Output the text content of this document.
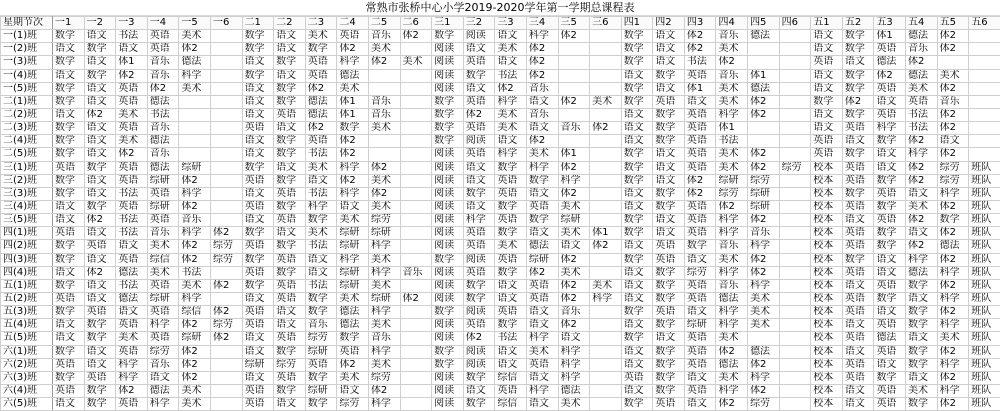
常熟市张桥中心小学2019-2020学年第一学期总课程表
星期节次	一1	一2	一3	一4	一5	一6	二1	二2	二3	二4	二5	二6	三1	三2	三3	三4	三5	三6	四1	四2	四3	四4	四5	四6	五1	五2	五3	五4	五5	五6
一(1)班	数学	语文	书法	英语	美术		数学	语文	美术	英语	音乐	体2	数学	阅读	语文	科学	体2		数学	语文	体2	音乐	德法		语文	数学	体1	德法	体2	
一(2)班	语文	数学	语文	英语	体2		数学	语文	数学	体2	美术		阅读	语文	美术	体2			数学	语文	体2	美术			语文	数学	英语	音乐	体2	
一(3)班	数学	语文	体1	音乐	德法		语文	数学	英语	科学	体2	美术	阅读	英语	语文	体2			数学	语文	书法	体2			英语	语文	德法	体2		
一(4)班	语文	数学	体2	音乐	科学		数学	语文	英语	德法			阅读	数学	书法	体2			语文	数学	英语	音乐	体1		语文	数学	体2	德法	美术	
一(5)班	数学	语文	英语	体2	美术		语文	数学	体2	美术			阅读	语文	体2	音乐			数学	语文	体1	美术	德法		语文	数学	英语	美术	体2	
二(1)班	数学	语文	英语	德法			语文	数学	德法	体1	音乐		数学	英语	科学	语文	体2	美术	数学	英语	语文	美术	体2		数学	体2	语文	英语	音乐	
二(2)班	语文	体2	美术	书法			语文	英语	德法	体1	音乐		数学	体2	美术	音乐			语文	数学	英语	科学	体2		语文	数学	英语	书法	体2	
二(3)班	数学	语文	英语	音乐			英语	语文	体2	数学	美术		数学	英语	美术	语文	音乐	体2	语文	数学	英语	体1			语文	英语	科学	书法	体2	
二(4)班	数学	语文	美术	德法			语文	数学	英语	体2			数学	阅读	语文	体2			语文	数学	英语	书法			英语	语文	数学	体2	语文	
二(5)班	数学	语文	体2	音乐			语文	数学	书法	体2			阅读	英语	科学	美术	体1		数学	语文	英语	美术	体2		英语	数学	语文	科学	体2	
三(1)班	英语	数学	英语	德法	综研		数学	语文	美术	科学	体2		阅读	语文	数学	科学	体2		数学	语文	英语	美术	体2	综劳	校本	英语	语文	体2	综劳	班队
三(2)班	数学	语文	英语	综研	体2		英语	数学	语文	体2	美术		阅读	语文	英语	数学	科学		数学	语文	体2	综研	综劳		校本	英语	数学	体2	综劳	班队
三(3)班	数学	语文	书法	英语	科学		语文	英语	书法	科学	体2		阅读	数学	英语	语文	体2		语文	数学	体2	综劳	综研		校本	数学	英语	语文	科学	班队
三(4)班	语文	数学	英语	综研	体2		英语	数学	科学	语文	美术		阅读	语文	数学	英语	美术		语文	数学	英语	体2	综研		校本	英语	数学	美术	体2	班队
三(5)班	语文	体2	书法	英语	音乐		语文	英语	数学	美术	综劳		阅读	科学	英语	数学	综研		数学	语文	英语	科学	体2		校本	语文	英语	体2	数学	班队
四(1)班	英语	语文	书法	音乐	科学	体2	数学	语文	美术	综研	综研		阅读	英语	数学	语文	美术	体1	数学	语文	英语	科学	音乐		校本	英语	数学	语文	体2	班队
四(2)班	数学	英语	语文	美术	体2	综劳	英语	数学	书法	综研	科学		阅读	英语	美术	德法	语文	体2	语文	英语	数学	音乐	科学		校本	英语	数学	体2	德法	班队
四(3)班	数学	语文	英语	综信	体2	综劳	数学	英语	语文	科学	美术		数学	阅读	英语	综研	体2		数学	英语	语文	美术	体2		校本	数学	语文	科学	体2	班队
四(4)班	语文	体2	德法	美术	书法		英语	数学	语文	综研	科学	音乐	阅读	英语	数学	体2	美术		语文	数学	综劳	科学	体2		校本	英语	语文	德法	科学	班队
五(1)班	数学	语文	书法	英语	美术	体2	数学	英语	书法	综研	美术		阅读	数学	语文	英语	体2	美术	语文	数学	英语	音乐	科学		校本	语文	英语	数学	体2	班队
五(2)班	英语	语文	德法	综研	科学		语文	英语	数学	美术	综研	体2	阅读	数学	语文	英语	体2	科学	语文	数学	英语	德法	美术		校本	英语	数学	语文	科学	班队
五(3)班	数学	英语	语文	英语	综信	体2	英语	语文	数学	德法	科学		数学	阅读	英语	语文	音乐		数学	英语	语文	科学	美术		校本	英语	语文	数学	体2	班队
五(4)班	语文	数学	英语	科学	体2	综劳	英语	语文	音乐	德法	美术		阅读	英语	数学	语文	体2		语文	数学	综研	科学	美术		校本	语文	英语	数学	科学	班队
五(5)班	语文	数学	美术	英语	综研	体2	语文	英语	综劳	数学	音乐		阅读	体2	书法	科学	语文		数学	语文	英语	美术			校本	英语	德法	语文	美术	班队
六(1)班	数学	语文	英语	综劳	体2		语文	数学	综研	英语	科学		数学	阅读	语文	美术	科学		语文	数学	英语	体2	德法		校本	语文	英语	数学	体2	班队
六(2)班	英语	语文	科学	音乐	体2		综研	综劳	英语	体2	美术		数学	阅读	语文	英语	科学		语文	数学	英语	德法	体2		校本	英语	语文	数学	科学	班队
六(3)班	数学	英语	科学	语文	体2		语文	英语	数学	美术	综劳		阅读	数学	综信	语文	科学		英语	数学	语文	美术	科学		校本	英语	数学	语文	体2	班队
六(4)班	英语	数学	体2	德法	美术		英语	数学	综研	语文	体2		阅读	语文	英语	科学	德法		语文	数学	英语	科学	体2		校本	语文	英语	美术	科学	班队
六(5)班	语文	数学	英语	科学	美术		英语	语文	数学	综劳	科学		阅读	数学	综信	语文	美术		数学	英语	语文	体2	综劳		校本	语文	英语	数学	体2	班队
